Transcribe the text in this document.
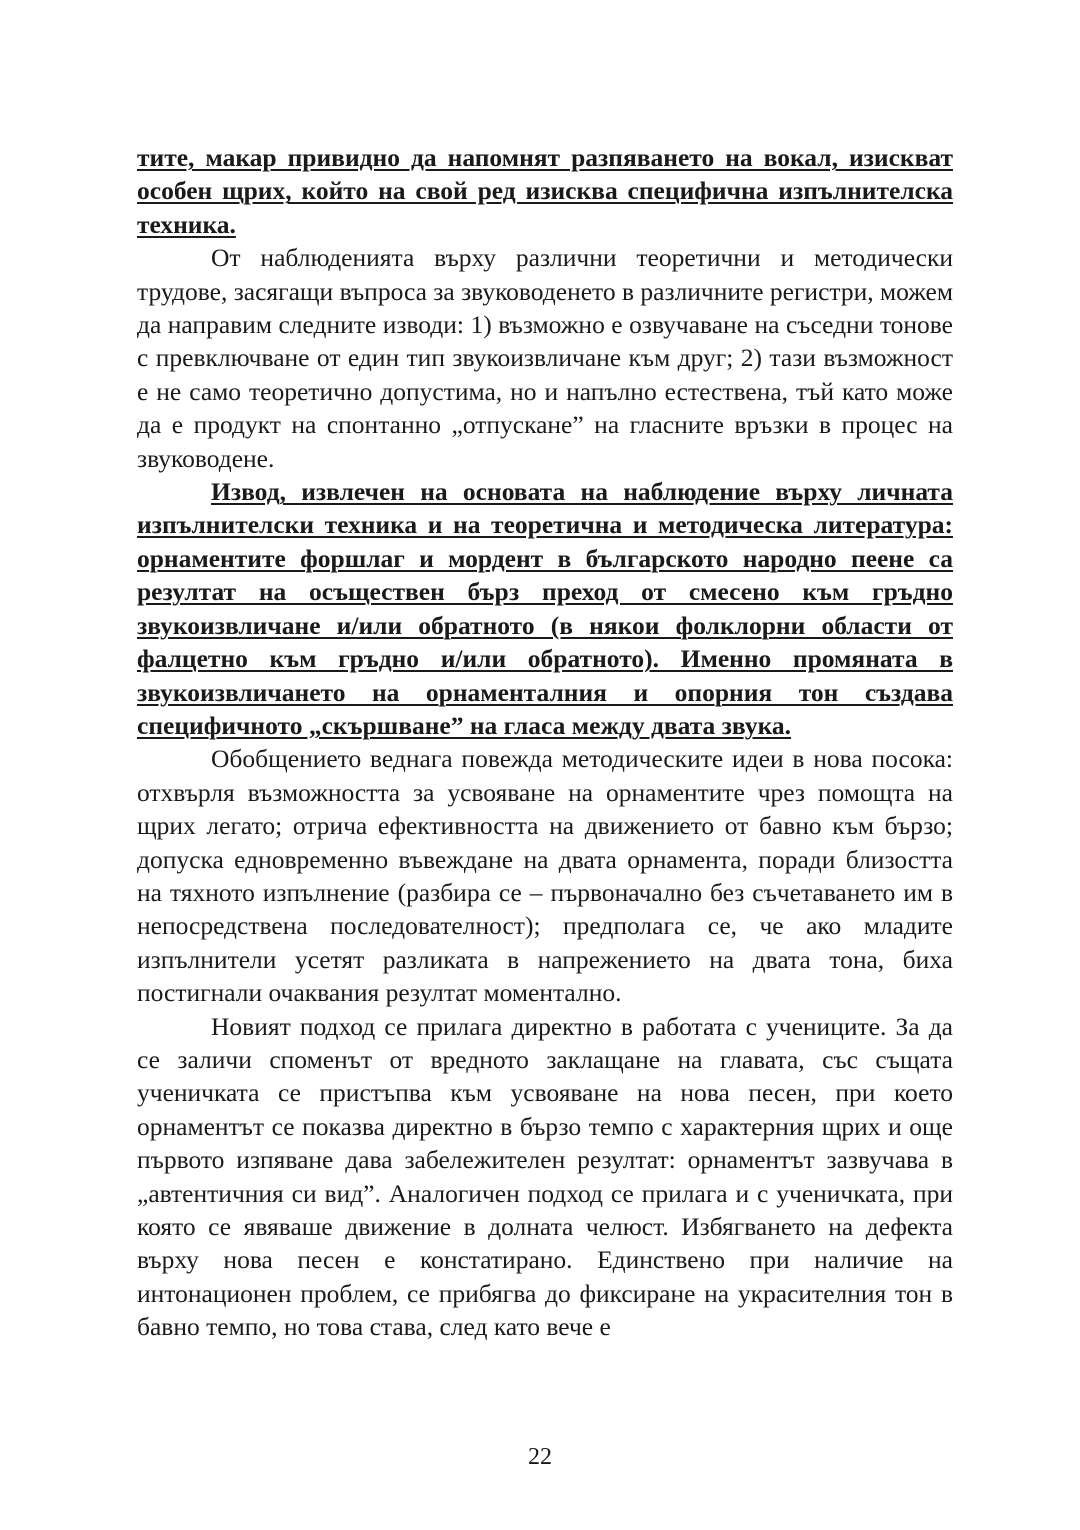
тите, макар привидно да напомнят разпяването на вокал, изискват особен щрих, който на свой ред изисква специфична изпълнителска техника.

От наблюденията върху различни теоретични и методически трудове, засягащи въпроса за звуководенето в различните регистри, можем да направим следните изводи: 1) възможно е озвучаване на съседни тонове с превключване от един тип звукоизвличане към друг; 2) тази възможност е не само теоретично допустима, но и напълно естествена, тъй като може да е продукт на спонтанно „отпускане” на гласните връзки в процес на звуководене.

Извод, извлечен на основата на наблюдение върху личната изпълнителски техника и на теоретична и методическа литература: орнаментите форшлаг и мордент в българското народно пеене са резултат на осъществен бърз преход от смесено към гръдно звукоизвличане и/или обратното (в някои фолклорни области от фалцетно към гръдно и/или обратното). Именно промяната в звукоизвличането на орнаменталния и опорния тон създава специфичното „скършване” на гласа между двата звука.

Обобщението веднага повежда методическите идеи в нова посока: отхвърля възможността за усвояване на орнаментите чрез помощта на щрих легато; отрича ефективността на движението от бавно към бързо; допуска едновременно въвеждане на двата орнамента, поради близостта на тяхното изпълнение (разбира се – първоначално без съчетаването им в непосредствена последователност); предполага се, че ако младите изпълнители усетят разликата в напрежението на двата тона, биха постигнали очаквания резултат моментално.

Новият подход се прилага директно в работата с учениците. За да се заличи споменът от вредното заклащане на главата, със същата ученичката се пристъпва към усвояване на нова песен, при което орнаментът се показва директно в бързо темпо с характерния щрих и още първото изпяване дава забележителен резултат: орнаментът зазвучава в „автентичния си вид”. Аналогичен подход се прилага и с ученичката, при която се явяваше движение в долната челюст. Избягването на дефекта върху нова песен е констатирано. Единствено при наличие на интонационен проблем, се прибягва до фиксиране на украсителния тон в бавно темпо, но това става, след като вече е

22
